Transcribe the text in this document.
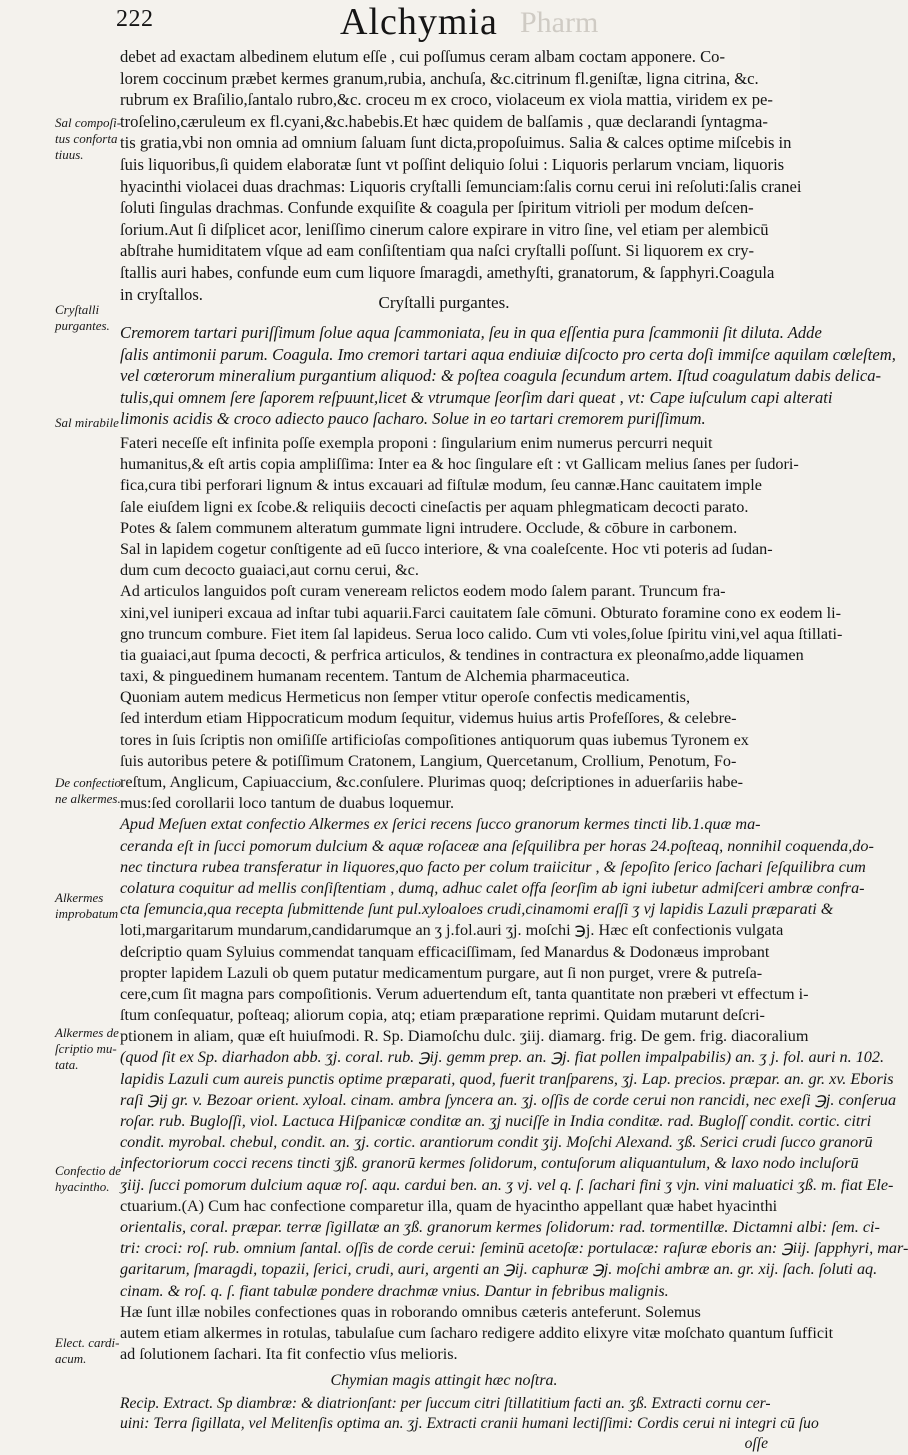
222	Alchymia Pharm
Sal compoſi-
tus conforta
tiuus.
Cryſtalli
purgantes.
Sal mirabile
De confectio
ne alkermes.
Alkermes
improbatum
Alkermes de
ſcriptio mu-
tata.
Confectio de
hyacintho.
Elect. cardi-
acum.
debet ad exactam albedinem elutum eſſe , cui poſſumus ceram albam coctam apponere. Co-
lorem coccinum præbet kermes granum,rubia, anchuſa, &c.citrinum fl.geniſtæ, ligna citrina, &c.
rubrum ex Braſilio,ſantalo rubro,&c. croceu m ex croco, violaceum ex viola mattia, viridem ex pe-
troſelino,cæruleum ex fl.cyani,&c.habebis.Et hæc quidem de balſamis , quæ declarandi ſyntagma-
tis gratia,vbi non omnia ad omnium ſaluam ſunt dicta,propoſuimus. Salia & calces optime miſcebis in
ſuis liquoribus,ſi quidem elaboratæ ſunt vt poſſint deliquio ſolui : Liquoris perlarum vnciam, liquoris
hyacinthi violacei duas drachmas: Liquoris cryſtalli ſemunciam:ſalis cornu cerui ini reſoluti:ſalis cranei
ſoluti ſingulas drachmas. Confunde exquiſite & coagula per ſpiritum vitrioli per modum deſcen-
ſorium.Aut ſi diſplicet acor, leniſſimo cinerum calore expirare in vitro ſine, vel etiam per alembicū
abſtrahe humiditatem vſque ad eam conſiſtentiam qua naſci cryſtalli poſſunt. Si liquorem ex cry-
ſtallis auri habes, confunde eum cum liquore ſmaragdi, amethyſti, granatorum, & ſapphyri.Coagula
in cryſtallos.	Cryſtalli purgantes.
Cremorem tartari puriſſimum ſolue aqua ſcammoniata, ſeu in qua eſſentia pura ſcammonii ſit diluta. Adde
ſalis antimonii parum. Coagula. Imo cremori tartari aqua endiuiæ diſcocto pro certa doſi immiſce aquilam cœleſtem,
vel cœterorum mineralium purgantium aliquod: & poſtea coagula ſecundum artem. Iſtud coagulatum dabis delica-
tulis,qui omnem ſere ſaporem reſpuunt,licet & vtrumque ſeorſim dari queat , vt: Cape iuſculum capi alterati
limonis acidis & croco adiecto pauco ſacharo. Solue in eo tartari cremorem puriſſimum.
Fateri neceſſe eſt infinita poſſe exempla proponi : ſingularium enim numerus percurri nequit
humanitus,& eſt artis copia ampliſſima: Inter ea & hoc ſingulare eſt : vt Gallicam melius ſanes per ſudori-
fica,cura tibi perforari lignum & intus excauari ad fiſtulæ modum, ſeu cannæ.Hanc cauitatem imple
ſale eiuſdem ligni ex ſcobe.& reliquiis decocti cineſactis per aquam phlegmaticam decocti parato.
Potes & ſalem communem alteratum gummate ligni intrudere. Occlude, & cōbure in carbonem.
Sal in lapidem cogetur conſtigente ad eū ſucco interiore, & vna coaleſcente. Hoc vti poteris ad ſudan-
dum cum decocto guaiaci,aut cornu cerui, &c.
Ad articulos languidos poſt curam veneream relictos eodem modo ſalem parant. Truncum fra-
xini,vel iuniperi excaua ad inſtar tubi aquarii.Farci cauitatem ſale cōmuni. Obturato foramine cono ex eodem li-
gno truncum combure. Fiet item ſal lapideus. Serua loco calido. Cum vti voles,ſolue ſpiritu vini,vel aqua ſtillati-
tia guaiaci,aut ſpuma decocti, & perfrica articulos, & tendines in contractura ex pleonaſmo,adde liquamen
taxi, & pinguedinem humanam recentem. Tantum de Alchemia pharmaceutica.
Quoniam autem medicus Hermeticus non ſemper vtitur operoſe confectis medicamentis,
ſed interdum etiam Hippocraticum modum ſequitur, videmus huius artis Profeſſores, & celebre-
tores in ſuis ſcriptis non omiſiſſe artificioſas compoſitiones antiquorum quas iubemus Tyronem ex
ſuis autoribus petere & potiſſimum Cratonem, Langium, Quercetanum, Crollium, Penotum, Fo-
reſtum, Anglicum, Capiuaccium, &c.conſulere. Plurimas quoq; deſcriptiones in aduerſariis habe-
mus:ſed corollarii loco tantum de duabus loquemur.
Apud Meſuen extat confectio Alkermes ex ſerici recens ſucco granorum kermes tincti lib.1.quæ ma-
ceranda eſt in ſucci pomorum dulcium & aquæ roſaceæ ana ſeſquilibra per horas 24.poſteaq, nonnihil coquenda,do-
nec tinctura rubea transferatur in liquores,quo facto per colum traiicitur , & ſepoſito ſerico ſachari ſeſquilibra cum
colatura coquitur ad mellis conſiſtentiam , dumq, adhuc calet offa ſeorſim ab igni iubetur admiſceri ambræ confra-
cta ſemuncia,qua recepta ſubmittende ſunt pul.xyloaloes crudi,cinamomi eraſſi ʒ vj lapidis Lazuli præparati &
loti,margaritarum mundarum,candidarumque an ʒ j.fol.auri ʒj. moſchi ℈j. Hæc eſt confectionis vulgata
deſcriptio quam Syluius commendat tanquam efficaciſſimam, ſed Manardus & Dodonæus improbant
propter lapidem Lazuli ob quem putatur medicamentum purgare, aut ſi non purget, vrere & putreſa-
cere,cum ſit magna pars compoſitionis. Verum aduertendum eſt, tanta quantitate non præberi vt effectum i-
ſtum conſequatur, poſteaq; aliorum copia, atq; etiam præparatione reprimi. Quidam mutarunt deſcri-
ptionem in aliam, quæ eſt huiuſmodi. R. Sp. Diamoſchu dulc. ʒiij. diamarg. frig. De gem. frig. diacoralium
(quod ſit ex Sp. diarhadon abb. ʒj. coral. rub. ℈ij. gemm prep. an. ℈j. fiat pollen impalpabilis) an. ʒ j. fol. auri n. 102.
lapidis Lazuli cum aureis punctis optime præparati, quod, fuerit tranſparens, ʒj. Lap. precios. præpar. an. gr. xv. Eboris
raſi ℈ij gr. v. Bezoar orient. xyloal. cinam. ambra ſyncera an. ʒj. oſſis de corde cerui non rancidi, nec exeſi ℈j. conſerua
roſar. rub. Bugloſſi, viol. Lactuca Hiſpanicæ conditæ an. ʒj nuciſſe in India conditæ. rad. Bugloſſ condit. cortic. citri
condit. myrobal. chebul, condit. an. ʒj. cortic. arantiorum condit ʒij. Moſchi Alexand. ʒß. Serici crudi ſucco granorū
infectoriorum cocci recens tincti ʒjß. granorū kermes ſolidorum, contuſorum aliquantulum, & laxo nodo incluſorū
ʒiij. ſucci pomorum dulcium aquæ roſ. aqu. cardui ben. an. ʒ vj. vel q. ſ. ſachari fini ʒ vjn. vini maluatici ʒß. m. fiat Ele-
ctuarium.(A) Cum hac confectione comparetur illa, quam de hyacintho appellant quæ habet hyacinthi
orientalis, coral. præpar. terræ ſigillatæ an ʒß. granorum kermes ſolidorum: rad. tormentillæ. Dictamni albi: ſem. ci-
tri: croci: roſ. rub. omnium ſantal. oſſis de corde cerui: ſeminū acetoſæ: portulacæ: raſuræ eboris an: ℈iij. ſapphyri, mar-
garitarum, ſmaragdi, topazii, ſerici, crudi, auri, argenti an ℈ij. caphuræ ℈j. moſchi ambræ an. gr. xij. ſach. ſoluti aq.
cinam. & roſ. q. ſ. fiant tabulæ pondere drachmæ vnius. Dantur in febribus malignis.
Hæ ſunt illæ nobiles confectiones quas in roborando omnibus cæteris anteferunt. Solemus
autem etiam alkermes in rotulas, tabulaſue cum ſacharo redigere addito elixyre vitæ moſchato quantum ſufficit
ad ſolutionem ſachari. Ita fit confectio vſus melioris.
Chymian magis attingit hæc noſtra.
Recip. Extract. Sp diambræ: & diatrionſant: per ſuccum citri ſtillatitium facti an. ʒß. Extracti cornu cer-
uini: Terra ſigillata, vel Melitenſis optima an. ʒj. Extracti cranii humani lectiſſimi: Cordis cerui ni integri cū ſuo
oſſe
